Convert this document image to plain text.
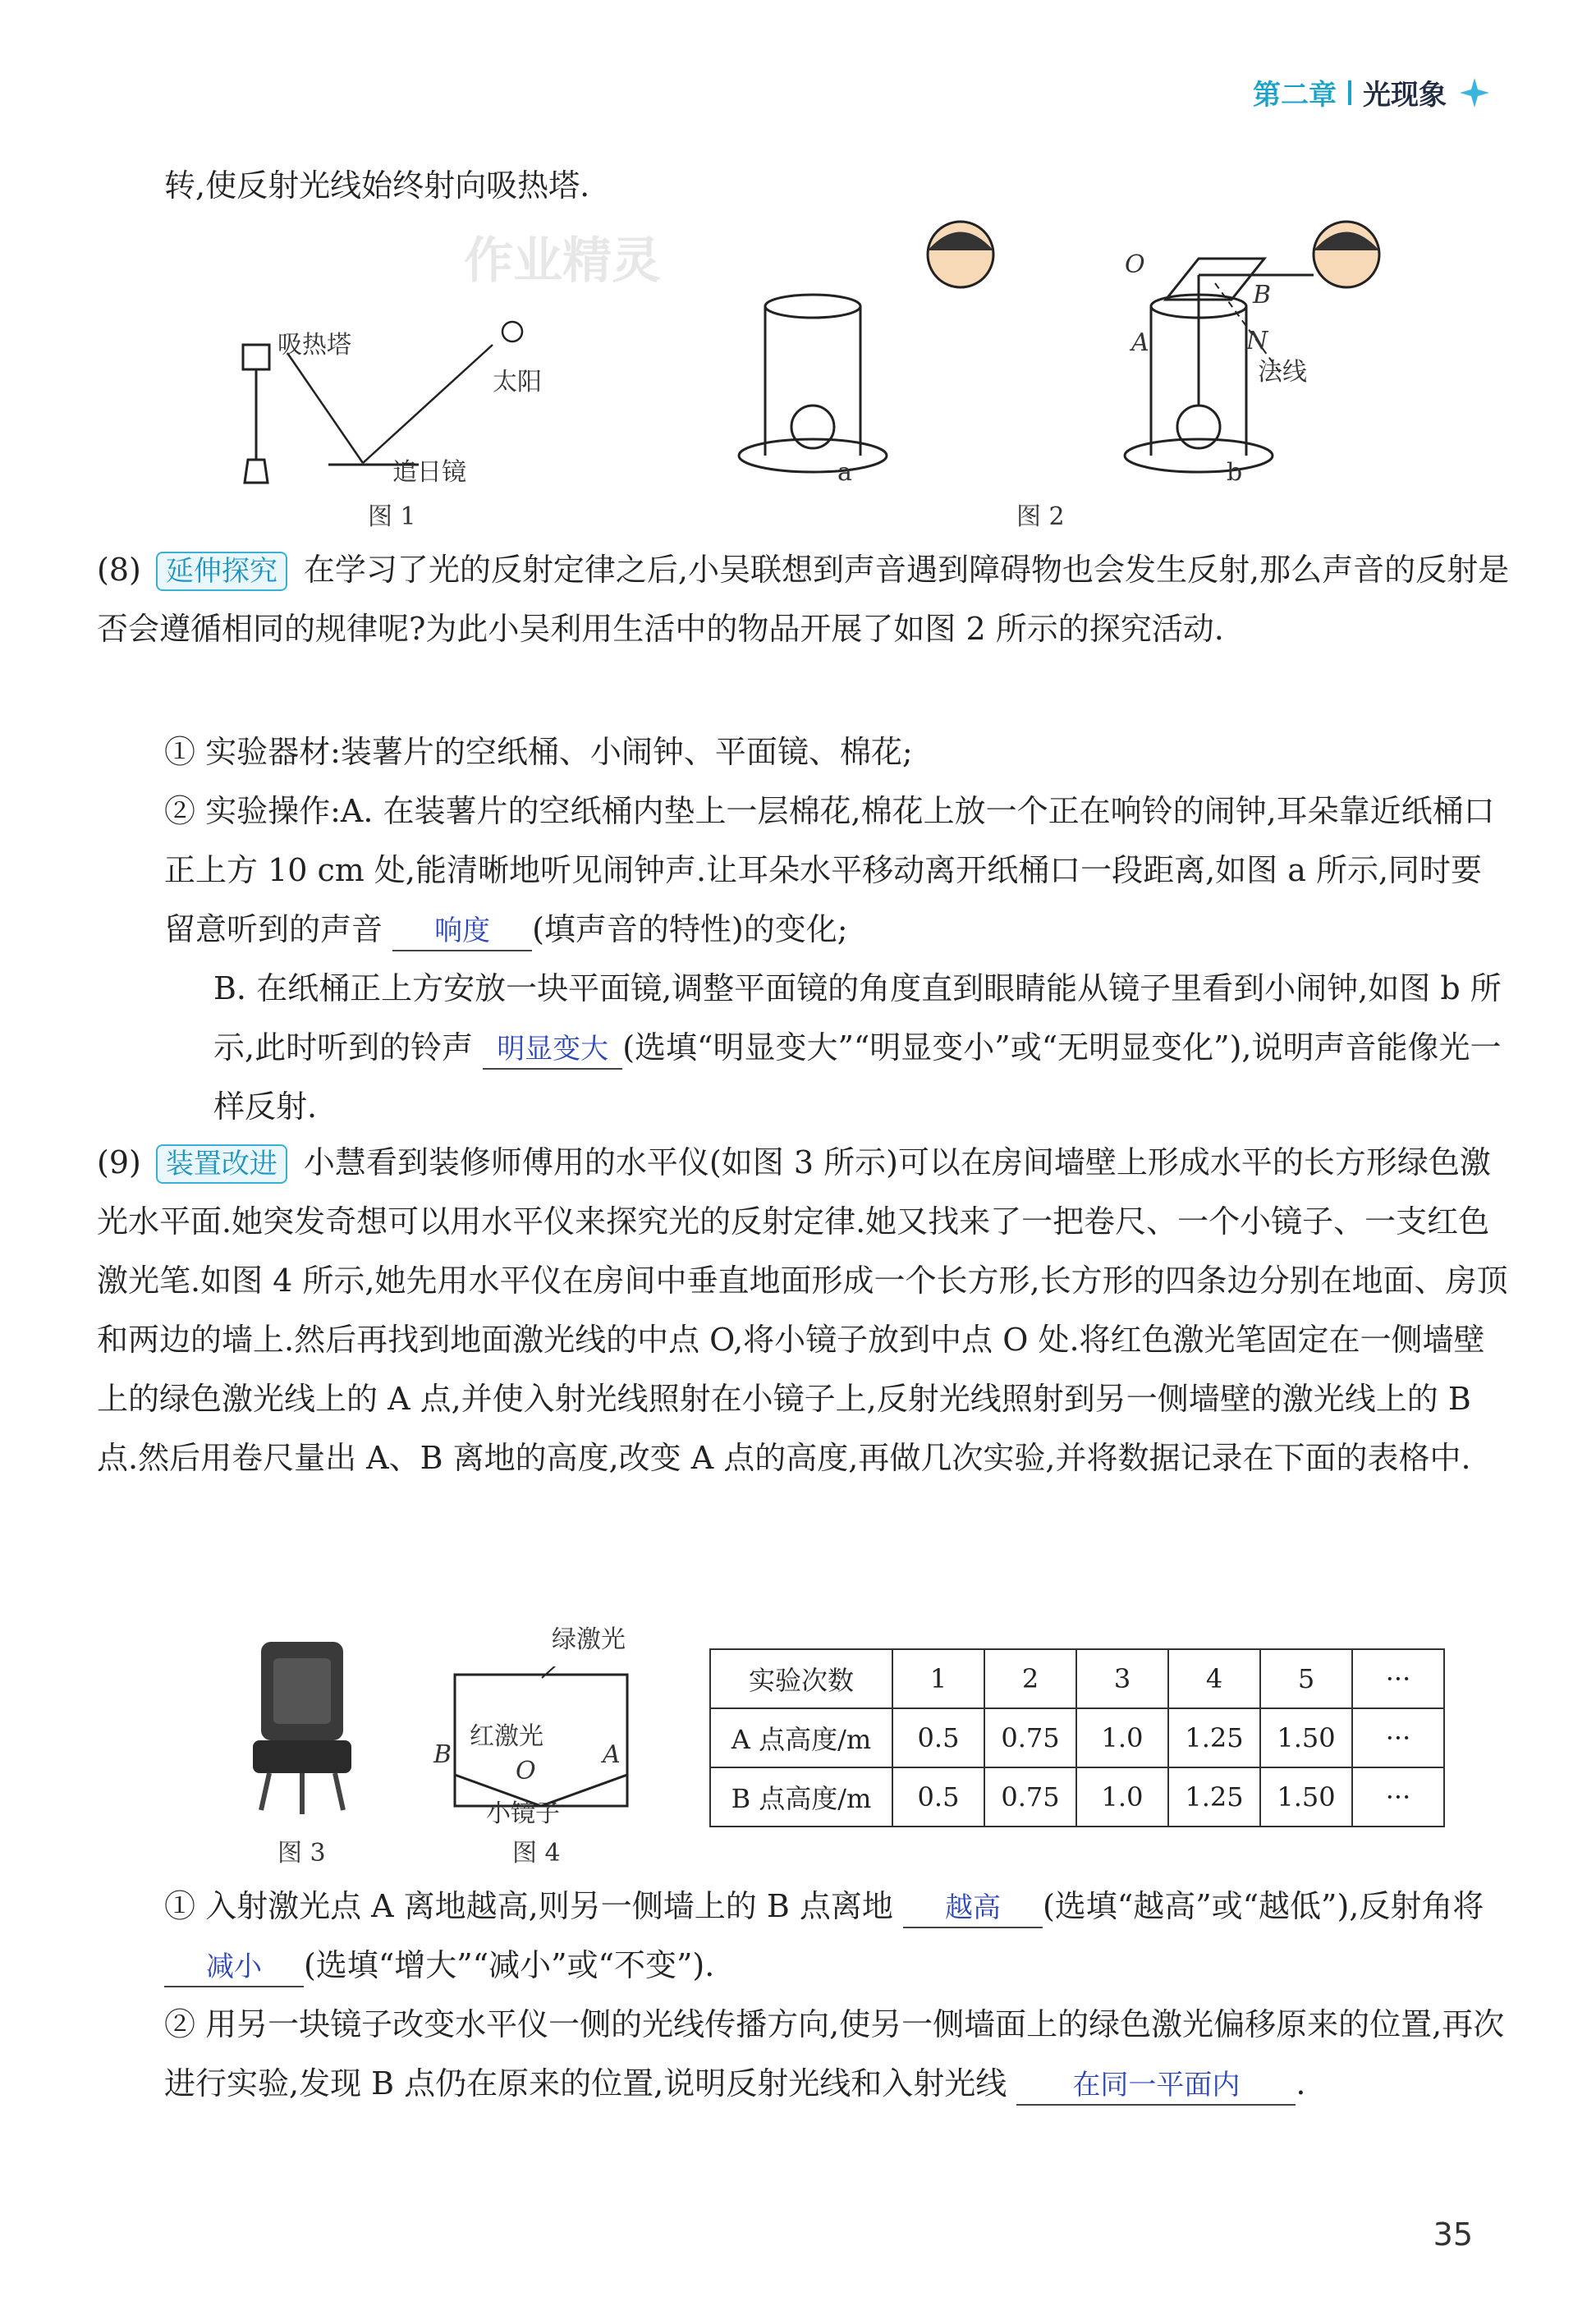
第二章 光现象
转,使反射光线始终射向吸热塔.
作业精灵
吸热塔
太阳
追日镜
图 1
O
B
A	N
法线
a	b
图 2
(8) 延伸探究 在学习了光的反射定律之后,小吴联想到声音遇到障碍物也会发生反射,那么声音的反射是否会遵循相同的规律呢?为此小吴利用生活中的物品开展了如图 2 所示的探究活动.
① 实验器材:装薯片的空纸桶、小闹钟、平面镜、棉花;
② 实验操作:A. 在装薯片的空纸桶内垫上一层棉花,棉花上放一个正在响铃的闹钟,耳朵靠近纸桶口正上方 10 cm 处,能清晰地听见闹钟声.让耳朵水平移动离开纸桶口一段距离,如图 a 所示,同时要留意听到的声音 响度 (填声音的特性)的变化;
B. 在纸桶正上方安放一块平面镜,调整平面镜的角度直到眼睛能从镜子里看到小闹钟,如图 b 所示,此时听到的铃声 明显变大 (选填“明显变大”“明显变小”或“无明显变化”),说明声音能像光一样反射.
(9) 装置改进 小慧看到装修师傅用的水平仪(如图 3 所示)可以在房间墙壁上形成水平的长方形绿色激光水平面.她突发奇想可以用水平仪来探究光的反射定律.她又找来了一把卷尺、一个小镜子、一支红色激光笔.如图 4 所示,她先用水平仪在房间中垂直地面形成一个长方形,长方形的四条边分别在地面、房顶和两边的墙上.然后再找到地面激光线的中点 O,将小镜子放到中点 O 处.将红色激光笔固定在一侧墙壁上的绿色激光线上的 A 点,并使入射光线照射在小镜子上,反射光线照射到另一侧墙壁的激光线上的 B 点.然后用卷尺量出 A、B 离地的高度,改变 A 点的高度,再做几次实验,并将数据记录在下面的表格中.
图 3
绿激光
红激光
B	A
O
小镜子
图 4
实验次数	1	2	3	4	5	···
A 点高度/m	0.5	0.75	1.0	1.25	1.50	···
B 点高度/m	0.5	0.75	1.0	1.25	1.50	···
① 入射激光点 A 离地越高,则另一侧墙上的 B 点离地 越高 (选填“越高”或“越低”),反射角将 减小 (选填“增大”“减小”或“不变”).
② 用另一块镜子改变水平仪一侧的光线传播方向,使另一侧墙面上的绿色激光偏移原来的位置,再次进行实验,发现 B 点仍在原来的位置,说明反射光线和入射光线 在同一平面内 .
35
